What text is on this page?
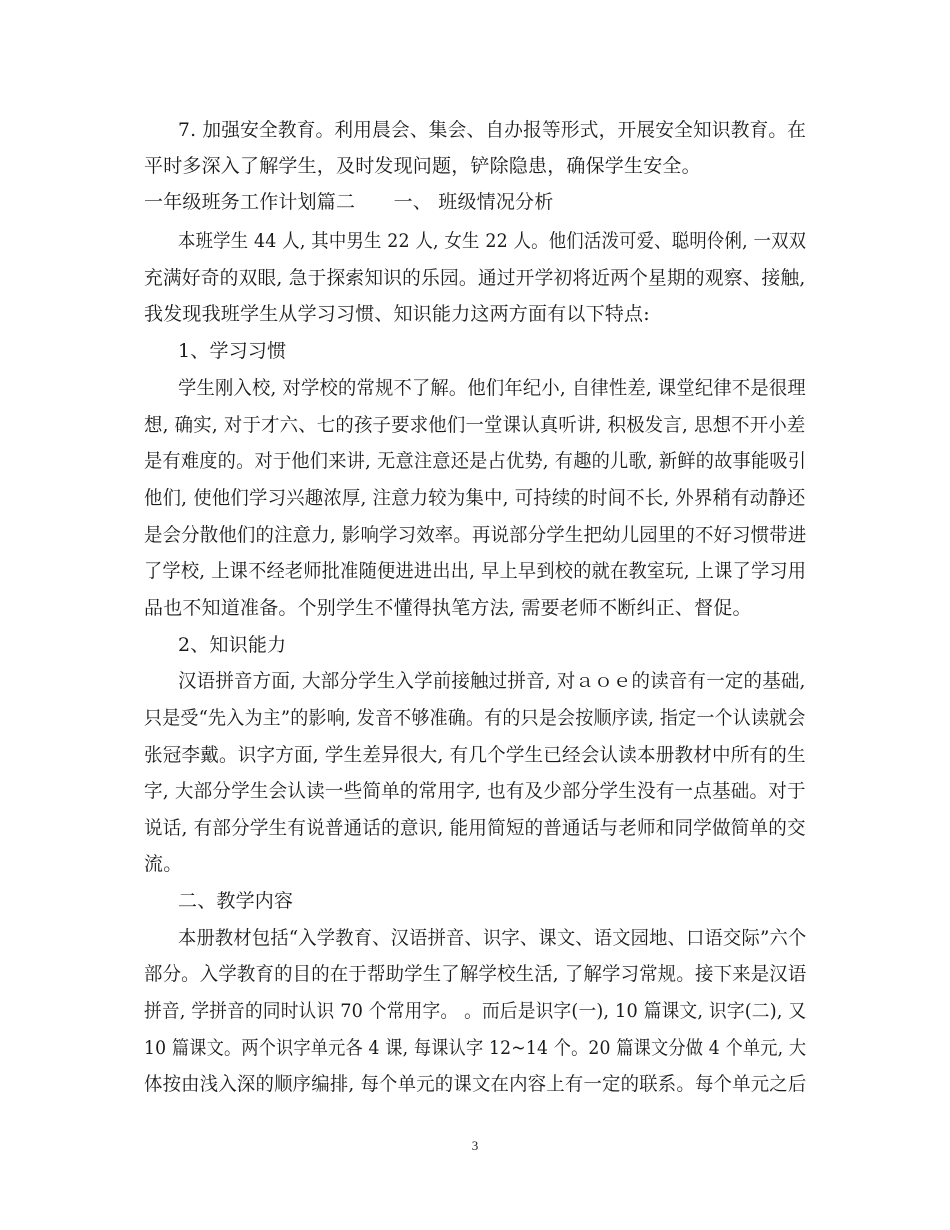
7. 加强安全教育。利用晨会、集会、自办报等形式，开展安全知识教育。在
平时多深入了解学生，及时发现问题，铲除隐患，确保学生安全。
一年级班务工作计划篇二　　一、 班级情况分析
本班学生 44 人, 其中男生 22 人, 女生 22 人。他们活泼可爱、聪明伶俐, 一双双
充满好奇的双眼, 急于探索知识的乐园。通过开学初将近两个星期的观察、接触,
我发现我班学生从学习习惯、知识能力这两方面有以下特点:
1、学习习惯
学生刚入校, 对学校的常规不了解。他们年纪小, 自律性差, 课堂纪律不是很理
想, 确实, 对于才六、七的孩子要求他们一堂课认真听讲, 积极发言, 思想不开小差
是有难度的。对于他们来讲, 无意注意还是占优势, 有趣的儿歌, 新鲜的故事能吸引
他们, 使他们学习兴趣浓厚, 注意力较为集中, 可持续的时间不长, 外界稍有动静还
是会分散他们的注意力, 影响学习效率。再说部分学生把幼儿园里的不好习惯带进
了学校, 上课不经老师批准随便进进出出, 早上早到校的就在教室玩, 上课了学习用
品也不知道准备。个别学生不懂得执笔方法, 需要老师不断纠正、督促。
2、知识能力
汉语拼音方面, 大部分学生入学前接触过拼音, 对ａｏｅ的读音有一定的基础,
只是受“先入为主”的影响, 发音不够准确。有的只是会按顺序读, 指定一个认读就会
张冠李戴。识字方面, 学生差异很大, 有几个学生已经会认读本册教材中所有的生
字, 大部分学生会认读一些简单的常用字, 也有及少部分学生没有一点基础。对于
说话, 有部分学生有说普通话的意识, 能用简短的普通话与老师和同学做简单的交
流。
二、教学内容
本册教材包括“入学教育、汉语拼音、识字、课文、语文园地、口语交际”六个
部分。入学教育的目的在于帮助学生了解学校生活, 了解学习常规。接下来是汉语
拼音, 学拼音的同时认识 70 个常用字。 。而后是识字(一), 10 篇课文, 识字(二), 又
10 篇课文。两个识字单元各 4 课, 每课认字 12~14 个。20 篇课文分做 4 个单元, 大
体按由浅入深的顺序编排, 每个单元的课文在内容上有一定的联系。每个单元之后
3
